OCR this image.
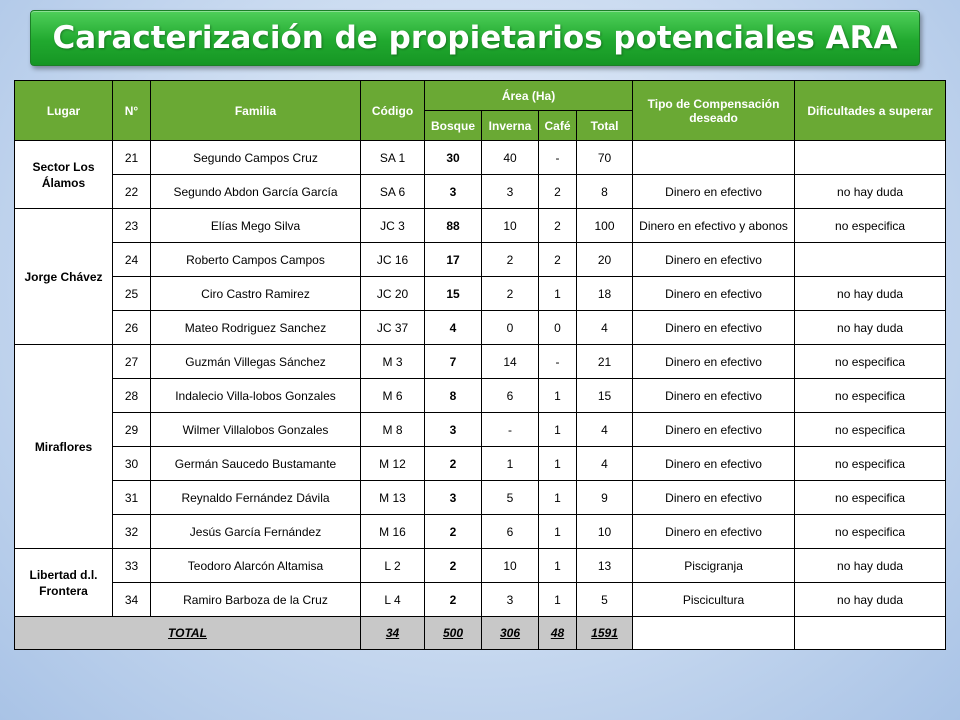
Caracterización de propietarios potenciales ARA
Lugar	N°	Familia	Código	Área (Ha)				Tipo de Compensación deseado	Dificultades a superar
				Bosque	Inverna	Café	Total		
Sector Los Álamos	21	Segundo Campos Cruz	SA 1	30	40	-	70		
	22	Segundo Abdon García García	SA 6	3	3	2	8	Dinero en efectivo	no hay duda
Jorge Chávez	23	Elías Mego Silva	JC 3	88	10	2	100	Dinero en efectivo y abonos	no especifica
	24	Roberto Campos Campos	JC 16	17	2	2	20	Dinero en efectivo	
	25	Ciro Castro Ramirez	JC 20	15	2	1	18	Dinero en efectivo	no hay duda
	26	Mateo Rodriguez Sanchez	JC 37	4	0	0	4	Dinero en efectivo	no hay duda
Miraflores	27	Guzmán Villegas Sánchez	M 3	7	14	-	21	Dinero en efectivo	no especifica
	28	Indalecio Villa-lobos Gonzales	M 6	8	6	1	15	Dinero en efectivo	no especifica
	29	Wilmer Villalobos Gonzales	M 8	3	-	1	4	Dinero en efectivo	no especifica
	30	Germán Saucedo Bustamante	M 12	2	1	1	4	Dinero en efectivo	no especifica
	31	Reynaldo Fernández Dávila	M 13	3	5	1	9	Dinero en efectivo	no especifica
	32	Jesús García Fernández	M 16	2	6	1	10	Dinero en efectivo	no especifica
Libertad d.l. Frontera	33	Teodoro Alarcón Altamisa	L 2	2	10	1	13	Piscigranja	no hay duda
	34	Ramiro Barboza de la Cruz	L 4	2	3	1	5	Piscicultura	no hay duda
TOTAL			34	500	306	48	1591		
